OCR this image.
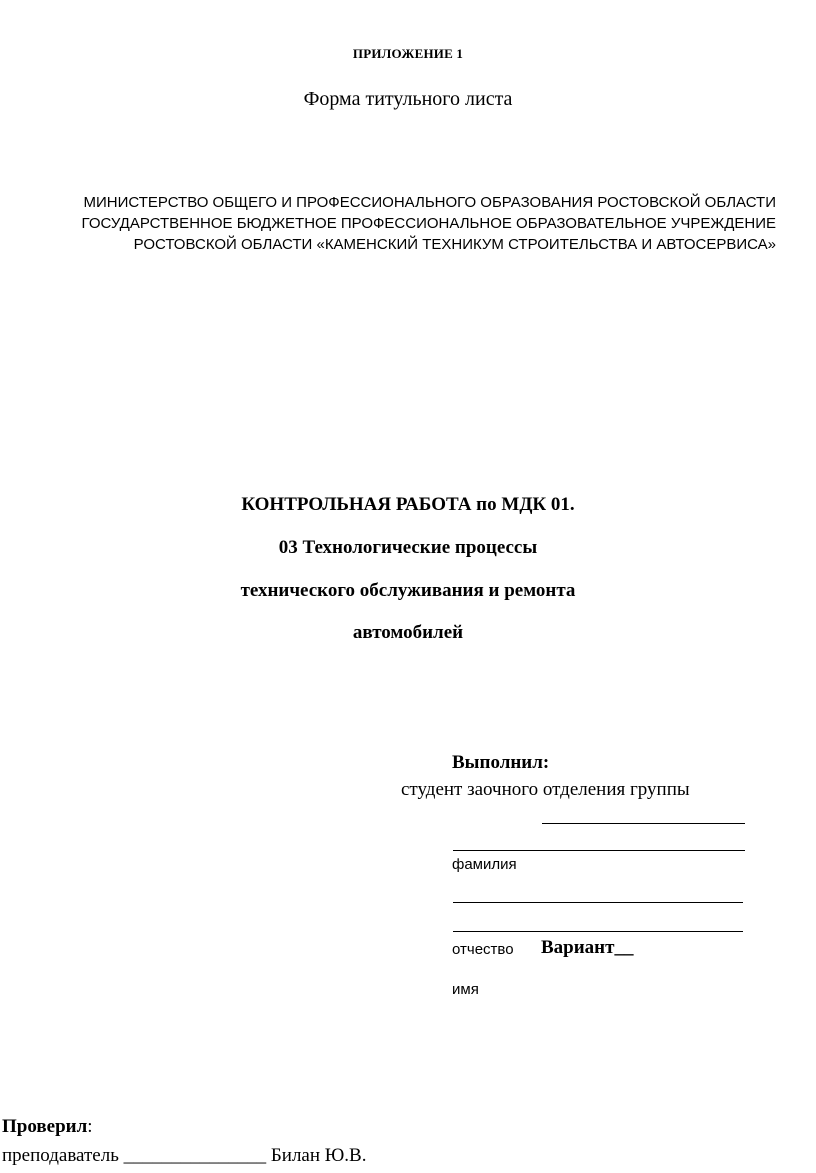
ПРИЛОЖЕНИЕ 1
Форма титульного листа
МИНИСТЕРСТВО ОБЩЕГО И ПРОФЕССИОНАЛЬНОГО ОБРАЗОВАНИЯ РОСТОВСКОЙ ОБЛАСТИ
ГОСУДАРСТВЕННОЕ БЮДЖЕТНОЕ ПРОФЕССИОНАЛЬНОЕ ОБРАЗОВАТЕЛЬНОЕ УЧРЕЖДЕНИЕ
РОСТОВСКОЙ ОБЛАСТИ «КАМЕНСКИЙ ТЕХНИКУМ СТРОИТЕЛЬСТВА И АВТОСЕРВИСА»
КОНТРОЛЬНАЯ РАБОТА по МДК 01.
03 Технологические процессы
технического обслуживания и ремонта
автомобилей
Выполнил:
студент заочного отделения группы
фамилия
отчество Вариант__
имя
Проверил:
преподаватель _______________ Билан Ю.В.
